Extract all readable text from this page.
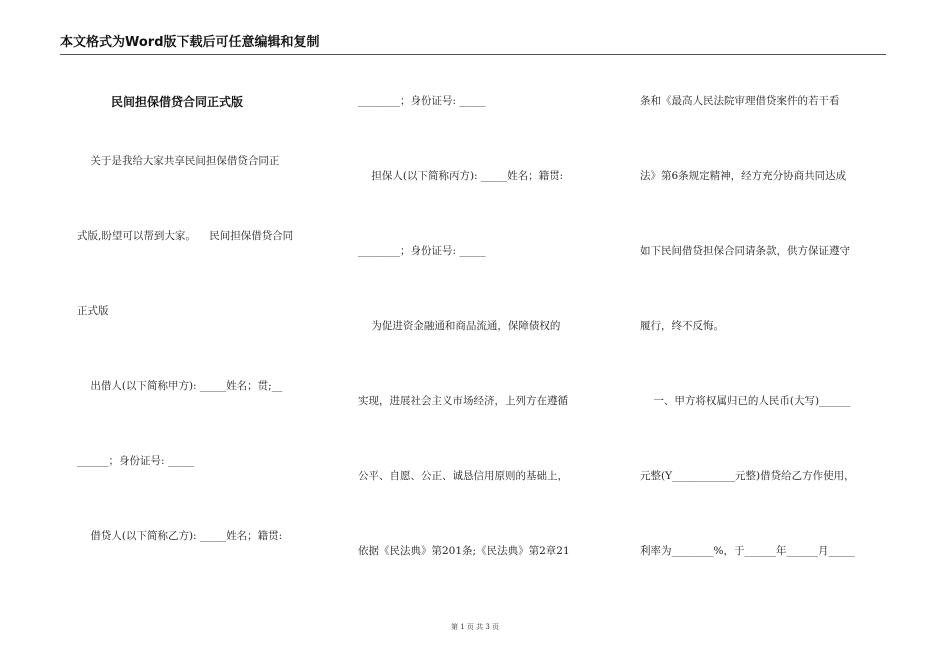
本文格式为Word版下载后可任意编辑和复制
民间担保借贷合同正式版
关于是我给大家共享民间担保借贷合同正
式版,盼望可以帮到大家。    民间担保借贷合同
正式版
出借人(以下简称甲方): _____姓名；贯;__
______；身份证号: _____
借贷人(以下简称乙方): _____姓名；籍贯:
________；身份证号: _____
担保人(以下简称丙方): _____姓名；籍贯:
________；身份证号: _____
为促进资金融通和商品流通，保障债权的
实现，进展社会主义市场经济，上列方在遵循
公平、自愿、公正、诚恳信用原则的基础上，
依据《民法典》第201条;《民法典》第2章21
条和《最高人民法院审理借贷案件的若干看
法》第6条规定精神，经方充分协商共同达成
如下民间借贷担保合同请条款，供方保证遵守
履行，终不反悔。
一、甲方将权属归已的人民币(大写)______
元整(Y____________元整)借贷给乙方作使用，
利率为________%，于______年______月_____
第 1 页 共 3 页
